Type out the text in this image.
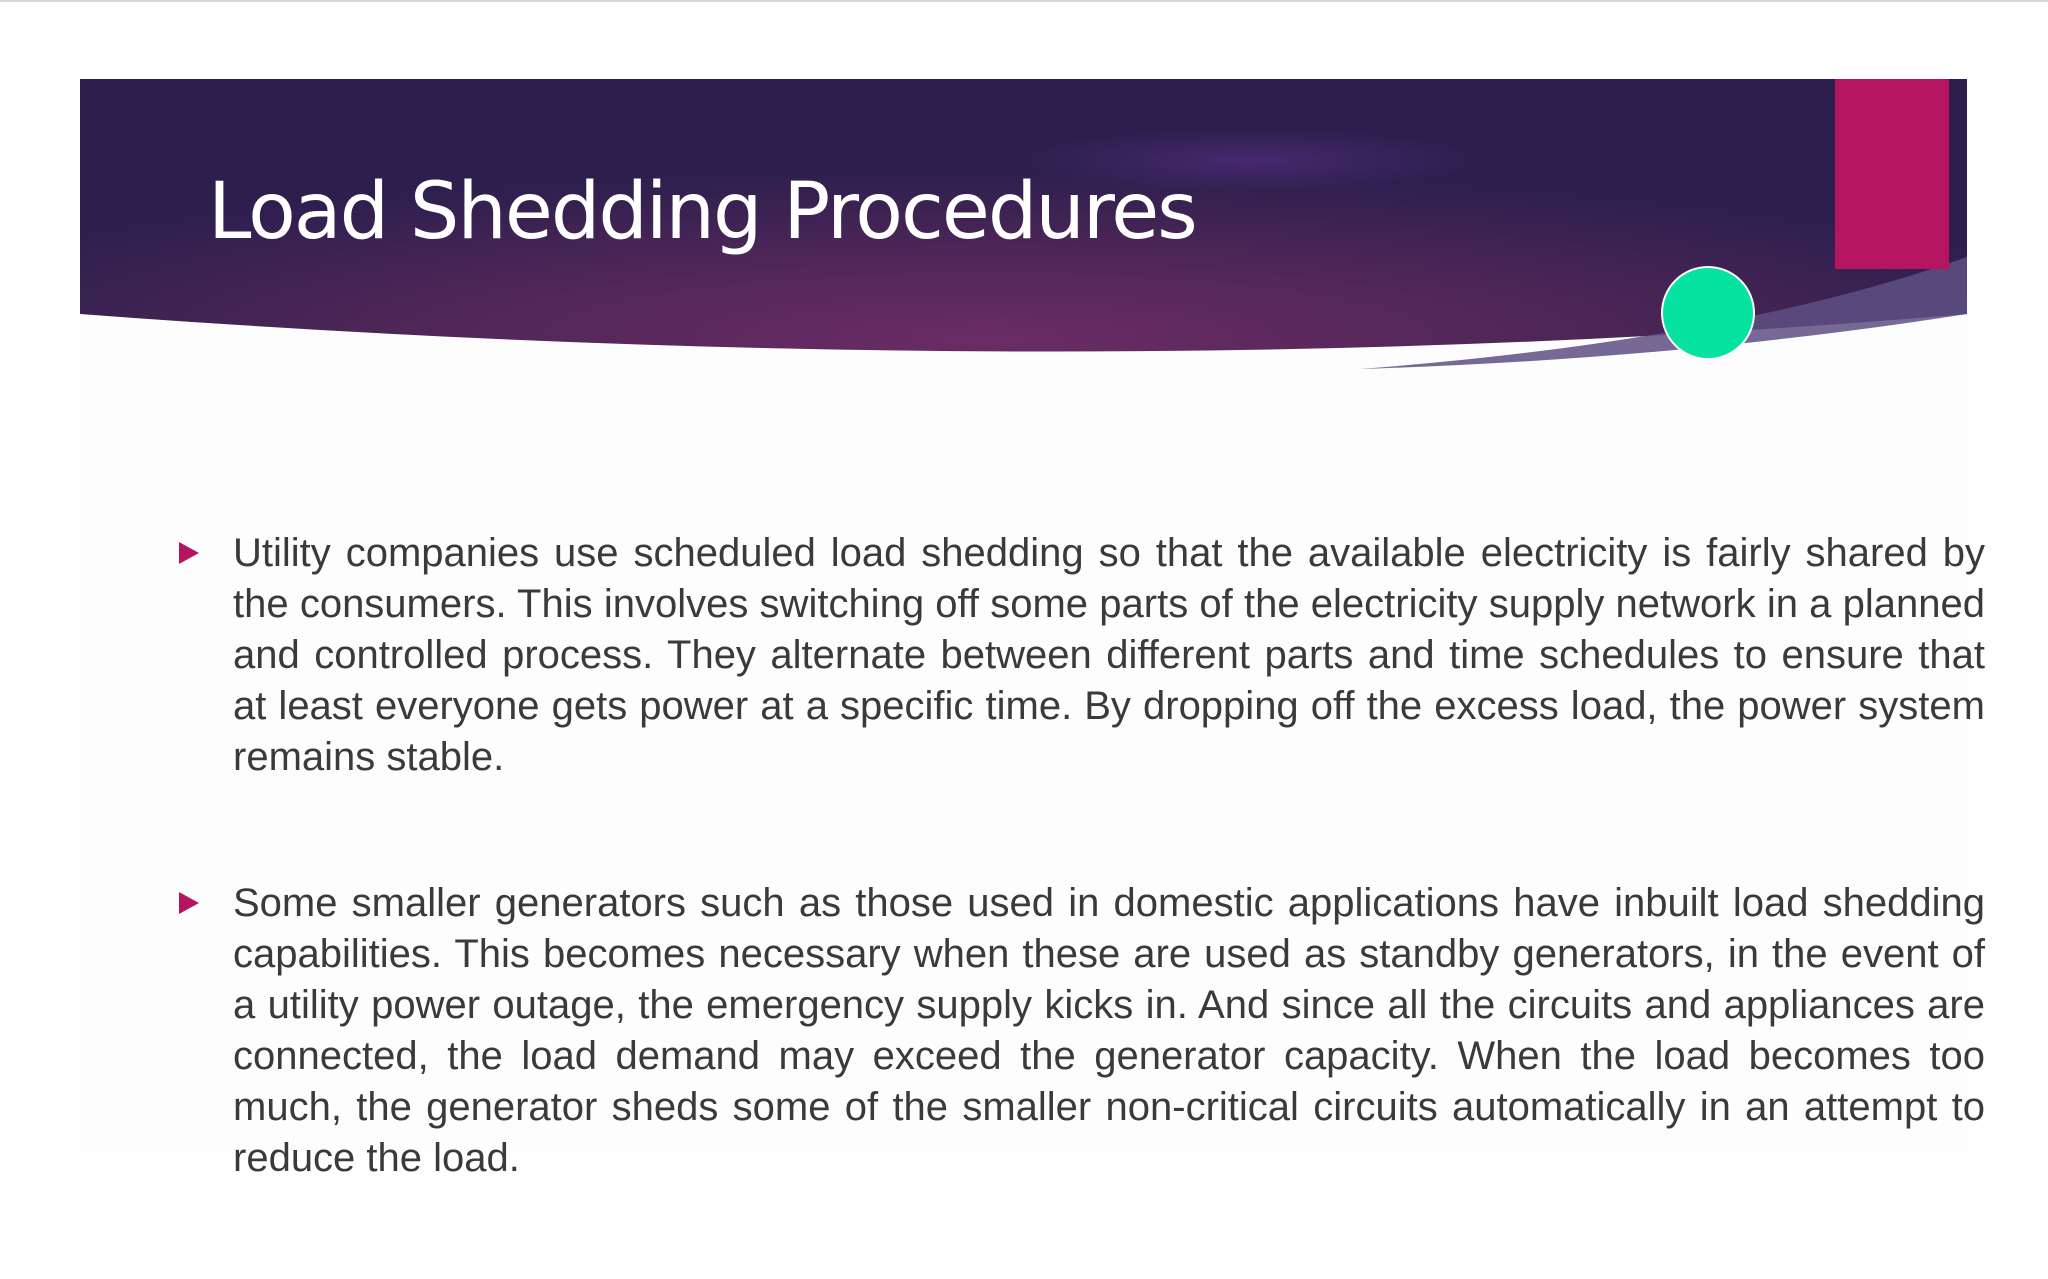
Load Shedding Procedures
Utility companies use scheduled load shedding so that the available electricity is fairly shared by the consumers. This involves switching off some parts of the electricity supply network in a planned and controlled process. They alternate between different parts and time schedules to ensure that at least everyone gets power at a specific time. By dropping off the excess load, the power system remains stable.
Some smaller generators such as those used in domestic applications have inbuilt load shedding capabilities. This becomes necessary when these are used as standby generators, in the event of a utility power outage, the emergency supply kicks in. And since all the circuits and appliances are connected, the load demand may exceed the generator capacity. When the load becomes too much, the generator sheds some of the smaller non-critical circuits automatically in an attempt to reduce the load.
